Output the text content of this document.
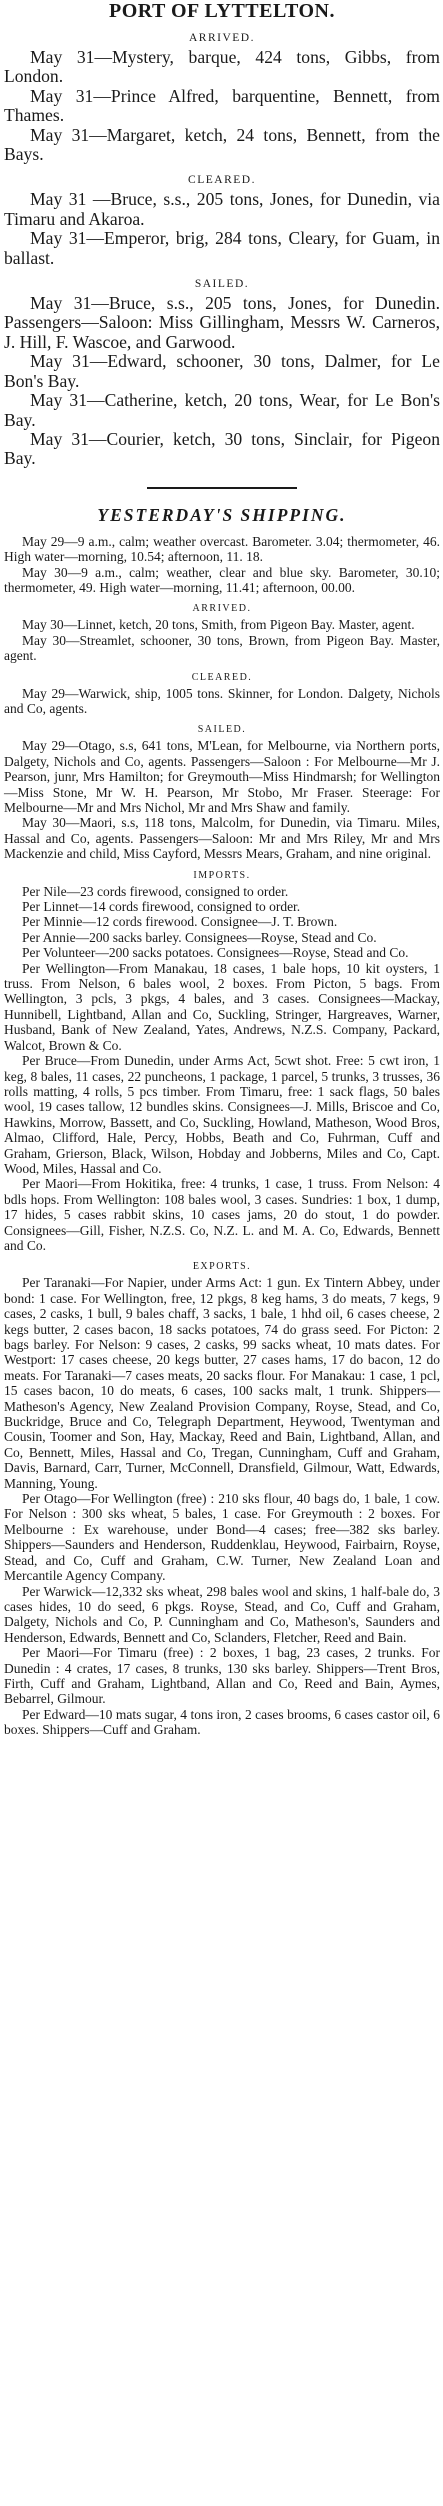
PORT OF LYTTELTON.
ARRIVED.

May 31—Mystery, barque, 424 tons, Gibbs, from London.

May 31—Prince Alfred, barquentine, Bennett, from Thames.

May 31—Margaret, ketch, 24 tons, Bennett, from the Bays.

CLEARED.

May 31 —Bruce, s.s., 205 tons, Jones, for Dunedin, via Timaru and Akaroa.

May 31—Emperor, brig, 284 tons, Cleary, for Guam, in ballast.

SAILED.

May 31—Bruce, s.s., 205 tons, Jones, for Dunedin. Passengers—Saloon: Miss Gillingham, Messrs W. Carneros, J. Hill, F. Wascoe, and Garwood.

May 31—Edward, schooner, 30 tons, Dalmer, for Le Bon's Bay.

May 31—Catherine, ketch, 20 tons, Wear, for Le Bon's Bay.

May 31—Courier, ketch, 30 tons, Sinclair, for Pigeon Bay.

YESTERDAY'S SHIPPING.

May 29—9 a.m., calm; weather overcast. Barometer. 3.04; thermometer, 46. High water—morning, 10.54; afternoon, 11. 18.

May 30—9 a.m., calm; weather, clear and blue sky. Barometer, 30.10; thermometer, 49. High water—morning, 11.41; afternoon, 00.00.

ARRIVED.

May 30—Linnet, ketch, 20 tons, Smith, from Pigeon Bay. Master, agent.

May 30—Streamlet, schooner, 30 tons, Brown, from Pigeon Bay. Master, agent.

CLEARED.

May 29—Warwick, ship, 1005 tons. Skinner, for London. Dalgety, Nichols and Co, agents.

SAILED.

May 29—Otago, s.s, 641 tons, M'Lean, for Melbourne, via Northern ports, Dalgety, Nichols and Co, agents. Passengers—Saloon : For Melbourne—Mr J. Pearson, junr, Mrs Hamilton; for Greymouth—Miss Hindmarsh; for Wellington—Miss Stone, Mr W. H. Pearson, Mr Stobo, Mr Fraser. Steerage: For Melbourne—Mr and Mrs Nichol, Mr and Mrs Shaw and family.

May 30—Maori, s.s, 118 tons, Malcolm, for Dunedin, via Timaru. Miles, Hassal and Co, agents. Passengers—Saloon: Mr and Mrs Riley, Mr and Mrs Mackenzie and child, Miss Cayford, Messrs Mears, Graham, and nine original.

IMPORTS.

Per Nile—23 cords firewood, consigned to order.

Per Linnet—14 cords firewood, consigned to order.

Per Minnie—12 cords firewood. Consignee—J. T. Brown.

Per Annie—200 sacks barley. Consignees—Royse, Stead and Co.

Per Volunteer—200 sacks potatoes. Consignees—Royse, Stead and Co.

Per Wellington—From Manakau, 18 cases, 1 bale hops, 10 kit oysters, 1 truss. From Nelson, 6 bales wool, 2 boxes. From Picton, 5 bags. From Wellington, 3 pcls, 3 pkgs, 4 bales, and 3 cases. Consignees—Mackay, Hunnibell, Lightband, Allan and Co, Suckling, Stringer, Hargreaves, Warner, Husband, Bank of New Zealand, Yates, Andrews, N.Z.S. Company, Packard, Walcot, Brown & Co.

Per Bruce—From Dunedin, under Arms Act, 5cwt shot. Free: 5 cwt iron, 1 keg, 8 bales, 11 cases, 22 puncheons, 1 package, 1 parcel, 5 trunks, 3 trusses, 36 rolls matting, 4 rolls, 5 pcs timber. From Timaru, free: 1 sack flags, 50 bales wool, 19 cases tallow, 12 bundles skins. Consignees—J. Mills, Briscoe and Co, Hawkins, Morrow, Bassett, and Co, Suckling, Howland, Matheson, Wood Bros, Almao, Clifford, Hale, Percy, Hobbs, Beath and Co, Fuhrman, Cuff and Graham, Grierson, Black, Wilson, Hobday and Jobberns, Miles and Co, Capt. Wood, Miles, Hassal and Co.

Per Maori—From Hokitika, free: 4 trunks, 1 case, 1 truss. From Nelson: 4 bdls hops. From Wellington: 108 bales wool, 3 cases. Sundries: 1 box, 1 dump, 17 hides, 5 cases rabbit skins, 10 cases jams, 20 do stout, 1 do powder. Consignees—Gill, Fisher, N.Z.S. Co, N.Z. L. and M. A. Co, Edwards, Bennett and Co.

EXPORTS.

Per Taranaki—For Napier, under Arms Act: 1 gun. Ex Tintern Abbey, under bond: 1 case. For Wellington, free, 12 pkgs, 8 keg hams, 3 do meats, 7 kegs, 9 cases, 2 casks, 1 bull, 9 bales chaff, 3 sacks, 1 bale, 1 hhd oil, 6 cases cheese, 2 kegs butter, 2 cases bacon, 18 sacks potatoes, 74 do grass seed. For Picton: 2 bags barley. For Nelson: 9 cases, 2 casks, 99 sacks wheat, 10 mats dates. For Westport: 17 cases cheese, 20 kegs butter, 27 cases hams, 17 do bacon, 12 do meats. For Taranaki—7 cases meats, 20 sacks flour. For Manakau: 1 case, 1 pcl, 15 cases bacon, 10 do meats, 6 cases, 100 sacks malt, 1 trunk. Shippers—Matheson's Agency, New Zealand Provision Company, Royse, Stead, and Co, Buckridge, Bruce and Co, Telegraph Department, Heywood, Twentyman and Cousin, Toomer and Son, Hay, Mackay, Reed and Bain, Lightband, Allan, and Co, Bennett, Miles, Hassal and Co, Tregan, Cunningham, Cuff and Graham, Davis, Barnard, Carr, Turner, McConnell, Dransfield, Gilmour, Watt, Edwards, Manning, Young.

Per Otago—For Wellington (free) : 210 sks flour, 40 bags do, 1 bale, 1 cow. For Nelson : 300 sks wheat, 5 bales, 1 case. For Greymouth : 2 boxes. For Melbourne : Ex warehouse, under Bond—4 cases; free—382 sks barley. Shippers—Saunders and Henderson, Ruddenklau, Heywood, Fairbairn, Royse, Stead, and Co, Cuff and Graham, C.W. Turner, New Zealand Loan and Mercantile Agency Company.

Per Warwick—12,332 sks wheat, 298 bales wool and skins, 1 half-bale do, 3 cases hides, 10 do seed, 6 pkgs. Royse, Stead, and Co, Cuff and Graham, Dalgety, Nichols and Co, P. Cunningham and Co, Matheson's, Saunders and Henderson, Edwards, Bennett and Co, Sclanders, Fletcher, Reed and Bain.

Per Maori—For Timaru (free) : 2 boxes, 1 bag, 23 cases, 2 trunks. For Dunedin : 4 crates, 17 cases, 8 trunks, 130 sks barley. Shippers—Trent Bros, Firth, Cuff and Graham, Lightband, Allan and Co, Reed and Bain, Aymes, Bebarrel, Gilmour.

Per Edward—10 mats sugar, 4 tons iron, 2 cases brooms, 6 cases castor oil, 6 boxes. Shippers—Cuff and Graham.
